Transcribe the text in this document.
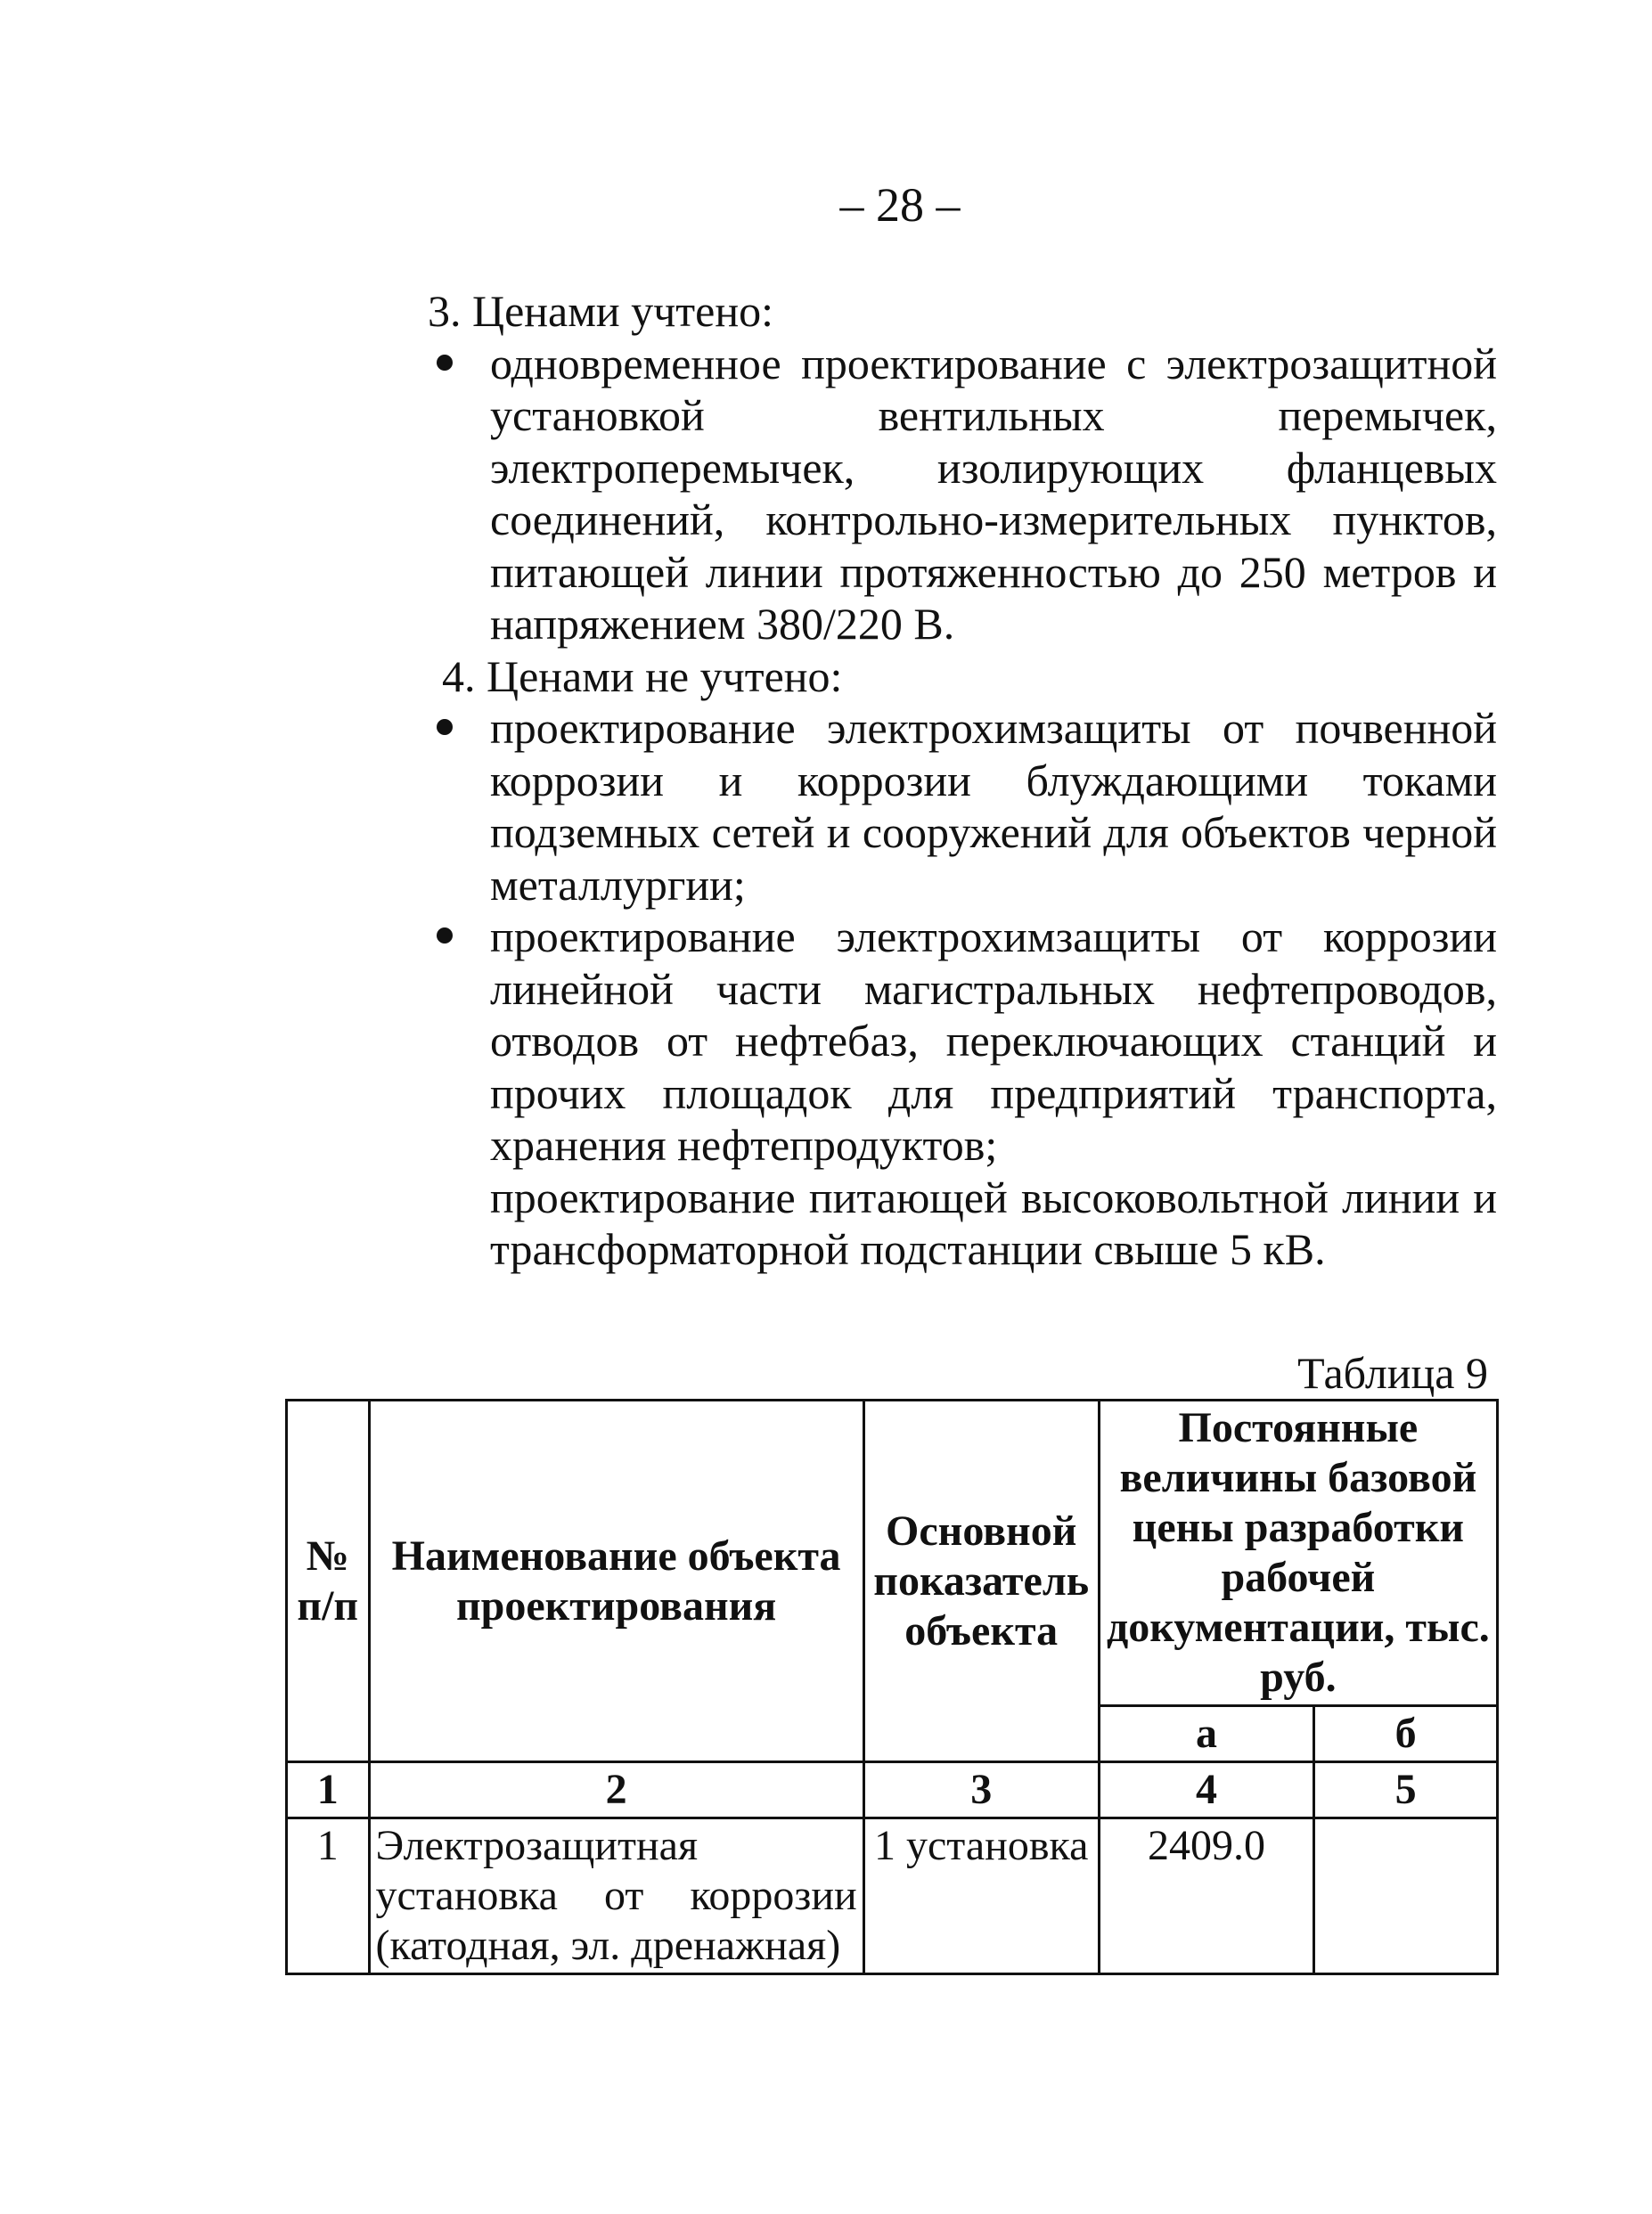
– 28 –

3. Ценами учтено:

одновременное проектирование с электрозащитной установкой вентильных перемычек, электроперемычек, изолирующих фланцевых соединений, контрольно-измерительных пунктов, питающей линии протяженностью до 250 метров и напряжением 380/220 В.

4. Ценами не учтено:

проектирование электрохимзащиты от почвенной коррозии и коррозии блуждающими токами подземных сетей и сооружений для объектов черной металлургии;
проектирование электрохимзащиты от коррозии линейной части магистральных нефтепроводов, отводов от нефтебаз, переключающих станций и прочих площадок для предприятий транспорта, хранения нефтепродуктов;

проектирование питающей высоковольтной линии и трансформаторной подстанции свыше 5 кВ.

Таблица 9
№ п/п	Наименование объекта проектирования	Основной показатель объекта	Постоянные величины базовой цены разработки рабочей документации, тыс. руб.	
			а	б
1	2	3	4	5
1	Электрозащитная установка от коррозии (катодная, эл. дренажная)	1 установка	2409.0	
